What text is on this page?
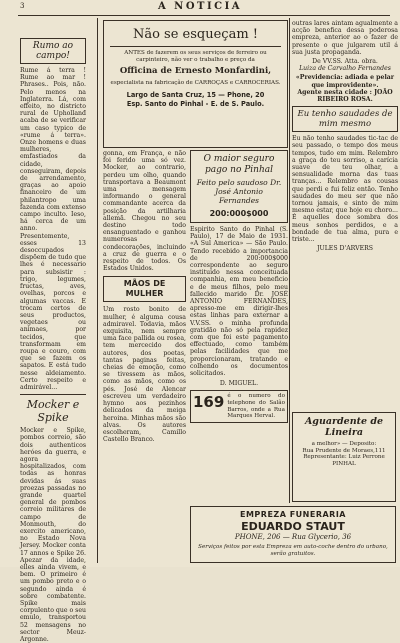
3	A NOTICIA
Rumo ao campo!
Rume á terra ! Rume ao mar ! Phrases.. Pois, não. Pelo menos na Inglaterra. Lá, com effeito, no districto rural de Uphollanđ acaba de se verificar um caso typico de «rume á terra». Onze homens e duas mulheres, emfastiados da cidade, conseguiram, depois de arrendamento, graças ao apoio financeiro de um philantropo uma fazenda com extenso campo inculto. Ieso, há cerca de um anno. Presentemente, esses 13 desoccupados dispõem de tudo que lhes é necessario para subsistir : trigo, legumes, fructas, aves, ovelhas, porcos e algumas vaccas. E trocam certos de seus productos, vegetaes ou animaes, por tecidos, que transformam em roupa e couro, com que se fazem os sapatos. E está tudo nesse aldeiamento. Certo respeito e admirável...
Mocker e Spike
Mocker e Spike, pombos correio, são dois authenticos heróes da guerra, e agora hospitalizados, com todas as honras devidas ás suas proezas passadas no grande quartel general de pombos correio militares de campo de Monmouth, do exercito americano, no Estado Nova Jersey. Mocker conta 17 annos e Spike 26. Apezar da idade, elles ainda vivem, e bem. O primeiro é um pombo preto e o segundo ainda é sobre combatente. Spike mais corpulento que o seu emulo, transportou 52 mensagens no sector Meuz-Argonne.
Não se esqueçam !
ANTES de fazerem os seus serviços de ferreiro ou carpinteiro, não ver o trabalho e preço da
Officina de Ernesto Monfardini,
especialista na fabricação de CARROÇAS e CARROCERIAS.
Largo de Santa Cruz, 15 — Phone, 20
Esp. Santo do Pinhal - E. de S. Paulo.
gonna, em França, e não foi ferido uma só vez. Mocker, ao contrario, perdeu um olho, quando transportava a Beaumont uma mensagem informando o general commandante acerca da posição da artilharia allemã. Chegou no seu destino todo ensanguentado e ganhou numerosas condecorações, incluindo a cruz de guerra e o respeito de todos. Os Estados Unidos.
MÃOS DE MULHER
Um rosto bonito de mulher, é alguma cousa admiravel. Todavia, mãos exquisita, nem sempre uma face pallida ou rosea, tem mercecido dos autores, dos poetas, tantas paginas feitas, cheias de emoção, como se tivessem as mãos, como as mãos, como os pés. José de Alencar escreveu um verdadeiro hymno aos pezinhos delicados da meiga heroina. Minhas mãos são alvas. Os autores escolheram, Camillo Castello Branco.
O maior seguro pago no Pinhal
Feito pelo saudoso Dr. José Antonio Fernandes
200:000$000
Espirito Santo do Pinhal (S. Paulo), 17 de Maio de 1931. «A Sul America» — São Paulo. Tendo recebido a importancia de 200:000$000 correspondente ao seguro instituido nessa conceituada companhia, em meu beneficio e de meus filhos, pelo meu fallecido marido Dr. JOSÉ ANTONIO FERNANDES, apresso-me em dirigir-lhes estas linhas para externar a V.V.SS. o minha profunda gratidão não só pela rapidez com que foi este pagamento effectuado, como também pelas facilidades que me proporcionaram, tratando e colhendo os documentos solicitados.
D. MIGUEL.
169 é o numero do telephone do Salão Barros, onde a Rua Marques Herval.
outras lares aintam agualmente a acção benefica dessa poderosa empreza, anterior ao o fazer de presente o que julgarem util á sua justa propaganda.
De VV.SS. Atta. obra.
Luiza de Carvalho Fernandes
«Previdencia: adiada e pelar que improvidente».
Agente nesta cidade : JOÃO RIBEIRO ROSA.
Eu tenho saudades de mim mesmo
Eu não tenho saudades tic-tac de seu passado, o tempo dos meus tempos, tudo em mim. Relembro a graça do teu sorriso, a carícia suave de teu olhar, a sensualidade morna das tuas tranças... Relembro as cousas que perdi e fui feliz então. Tenho saudades do meu ser que não tornou jamais, e sinto de mim mesmo estar, que hoje eu choro... É aquelles doce sombra dos meus sonhos perdidos, e a bondade de tua alma, pura e triste...
JULES D'ARVERS
Aguardente de Lineira
a melhor» — Deposito:
Rua Prudente de Moraes,111
Representante: Luiz Perrone
PINHAL
EMPREZA FUNERARIA
EDUARDO STAUT
PHONE, 206 — Rua Glycerio, 36
Serviços feitos por esta Empreza em auto-coche dentro do urbano, serão gratuitos.
